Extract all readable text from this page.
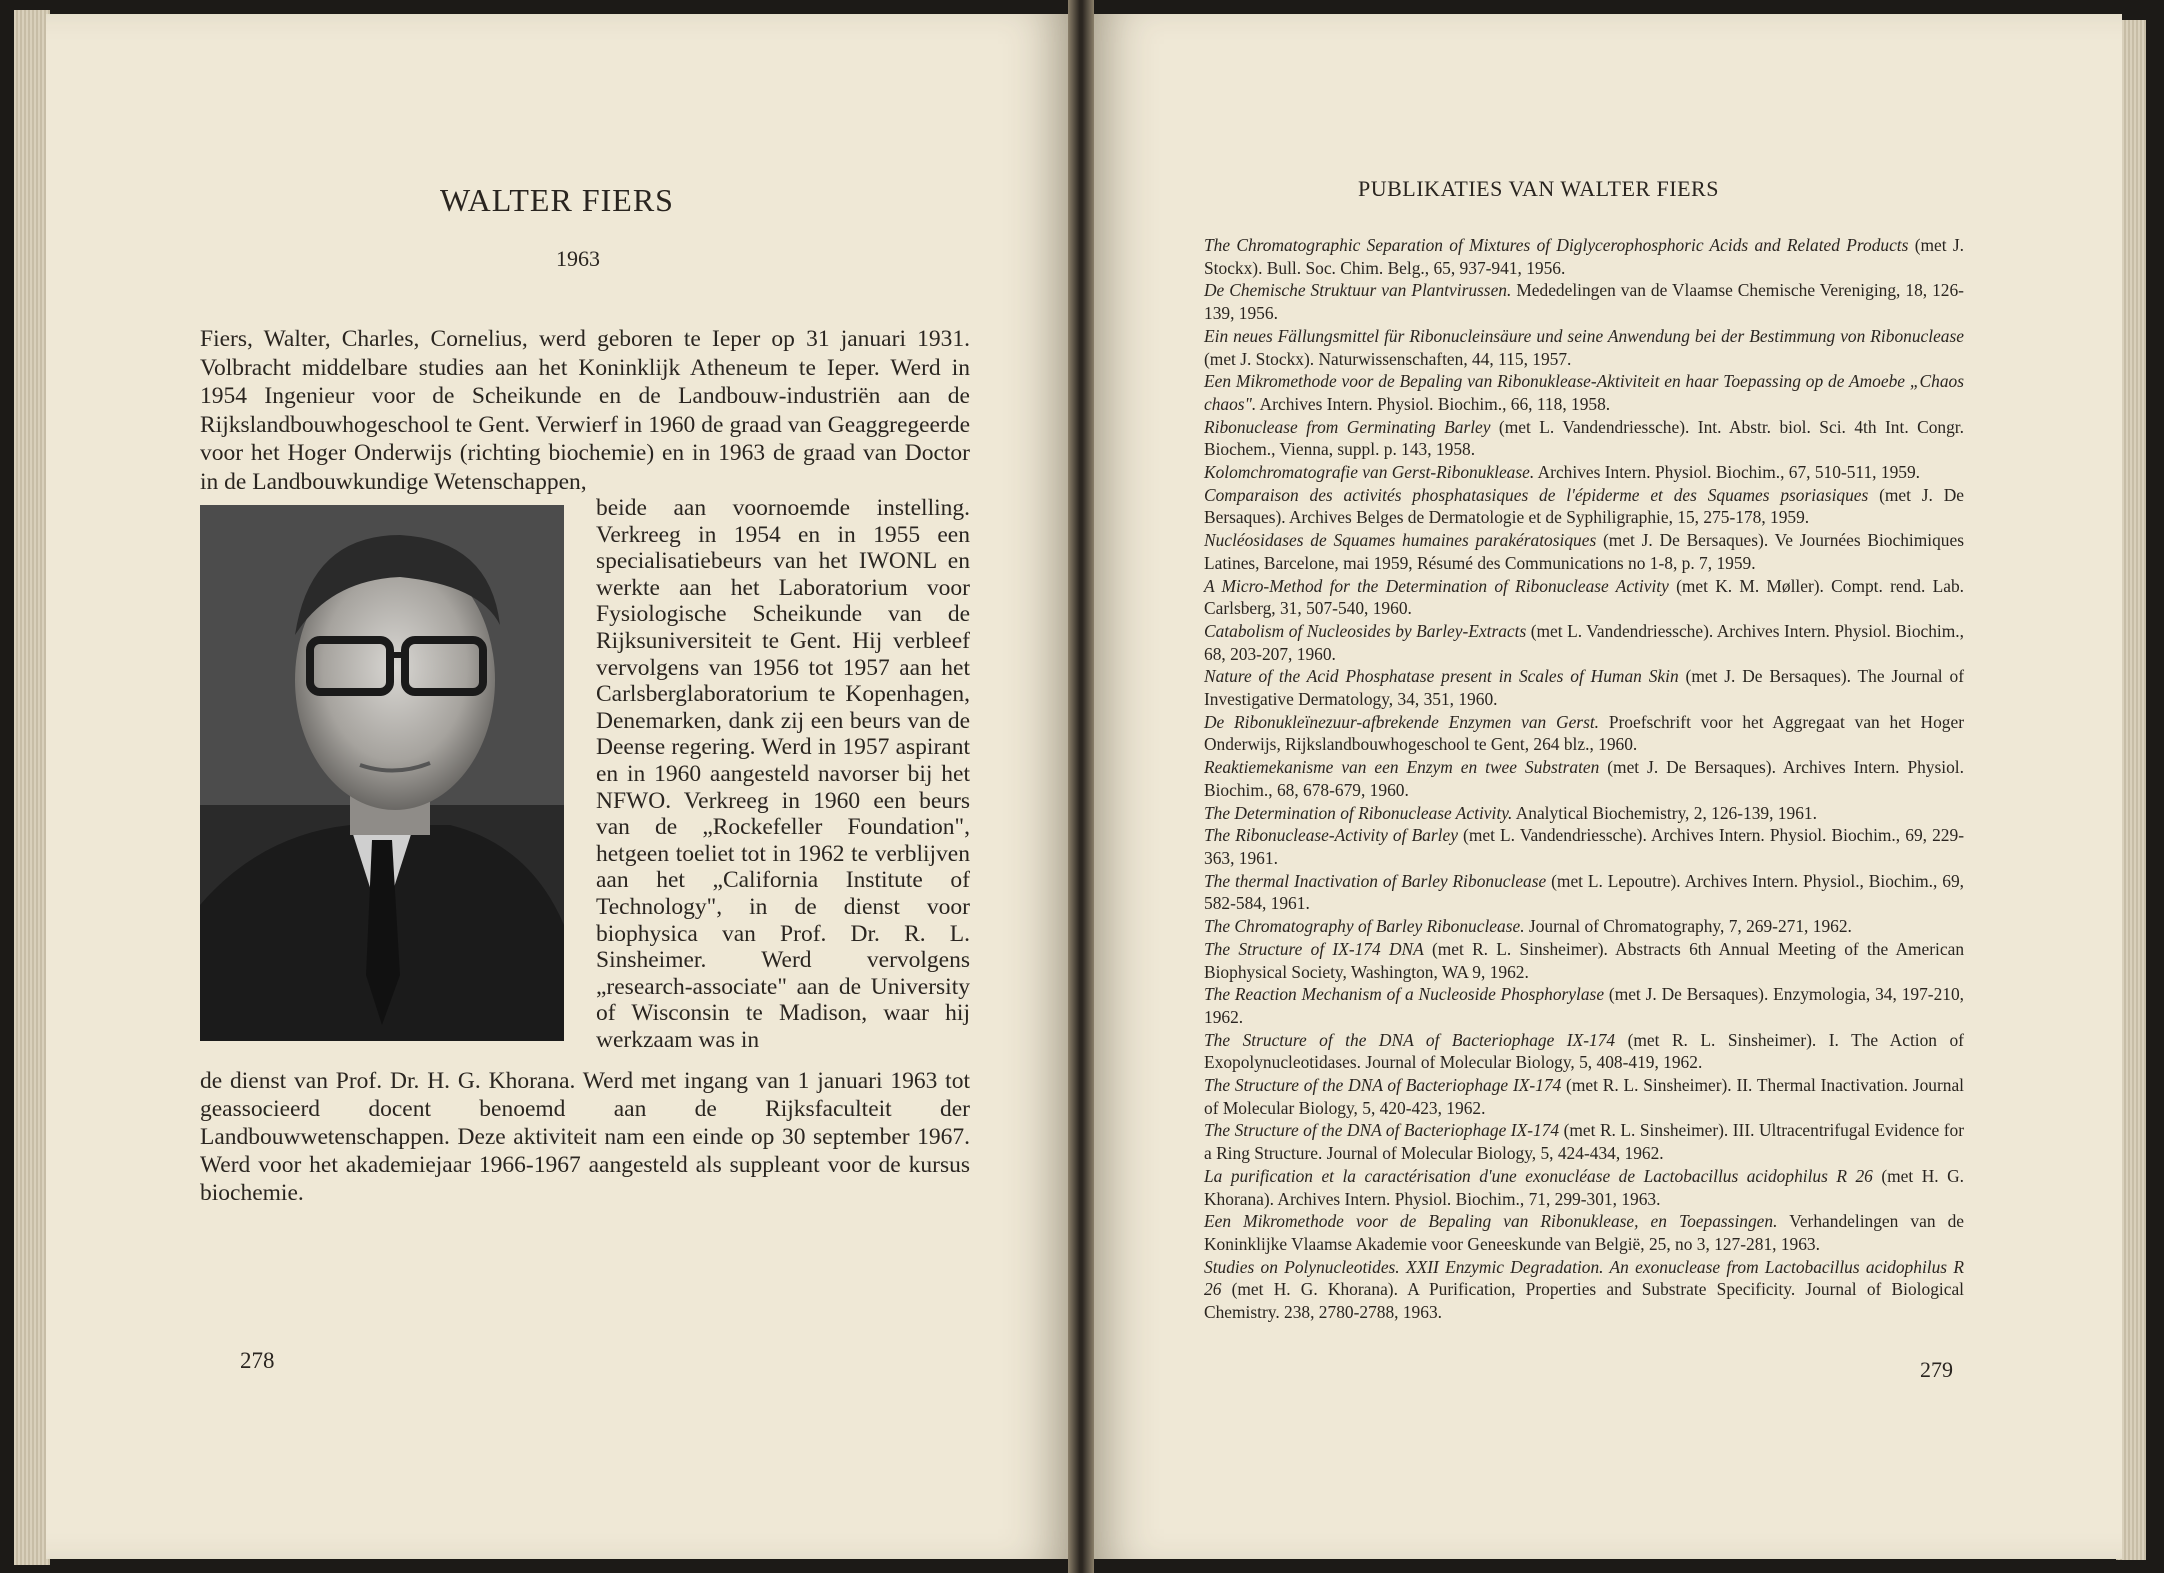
WALTER FIERS
1963
Fiers, Walter, Charles, Cornelius, werd geboren te Ieper op 31 januari 1931. Volbracht middelbare studies aan het Koninklijk Atheneum te Ieper. Werd in 1954 Ingenieur voor de Scheikunde en de Landbouw-industriën aan de Rijkslandbouwhogeschool te Gent. Verwierf in 1960 de graad van Geaggregeerde voor het Hoger Onderwijs (richting biochemie) en in 1963 de graad van Doctor in de Landbouwkundige Wetenschappen,
beide aan voornoemde instelling. Verkreeg in 1954 en in 1955 een specialisatiebeurs van het IWONL en werkte aan het Laboratorium voor Fysiologische Scheikunde van de Rijksuniversiteit te Gent. Hij verbleef vervolgens van 1956 tot 1957 aan het Carlsberglaboratorium te Kopenhagen, Denemarken, dank zij een beurs van de Deense regering. Werd in 1957 aspirant en in 1960 aangesteld navorser bij het NFWO. Verkreeg in 1960 een beurs van de „Rockefeller Foundation", hetgeen toeliet tot in 1962 te verblijven aan het „California Institute of Technology", in de dienst voor biophysica van Prof. Dr. R. L. Sinsheimer. Werd vervolgens „research-associate" aan de University of Wisconsin te Madison, waar hij werkzaam was in
de dienst van Prof. Dr. H. G. Khorana. Werd met ingang van 1 januari 1963 tot geassocieerd docent benoemd aan de Rijksfaculteit der Landbouwwetenschappen. Deze aktiviteit nam een einde op 30 september 1967. Werd voor het akademiejaar 1966-1967 aangesteld als suppleant voor de kursus biochemie.
278
PUBLIKATIES VAN WALTER FIERS

The Chromatographic Separation of Mixtures of Diglycerophosphoric Acids and Related Products (met J. Stockx). Bull. Soc. Chim. Belg., 65, 937-941, 1956.

De Chemische Struktuur van Plantvirussen. Mededelingen van de Vlaamse Chemische Vereniging, 18, 126-139, 1956.

Ein neues Fällungsmittel für Ribonucleinsäure und seine Anwendung bei der Bestimmung von Ribonuclease (met J. Stockx). Naturwissenschaften, 44, 115, 1957.

Een Mikromethode voor de Bepaling van Ribonuklease-Aktiviteit en haar Toepassing op de Amoebe „Chaos chaos". Archives Intern. Physiol. Biochim., 66, 118, 1958.

Ribonuclease from Germinating Barley (met L. Vandendriessche). Int. Abstr. biol. Sci. 4th Int. Congr. Biochem., Vienna, suppl. p. 143, 1958.

Kolomchromatografie van Gerst-Ribonuklease. Archives Intern. Physiol. Biochim., 67, 510-511, 1959.

Comparaison des activités phosphatasiques de l'épiderme et des Squames psoriasiques (met J. De Bersaques). Archives Belges de Dermatologie et de Syphiligraphie, 15, 275-178, 1959.

Nucléosidases de Squames humaines parakératosiques (met J. De Bersaques). Ve Journées Biochimiques Latines, Barcelone, mai 1959, Résumé des Communications no 1-8, p. 7, 1959.

A Micro-Method for the Determination of Ribonuclease Activity (met K. M. Møller). Compt. rend. Lab. Carlsberg, 31, 507-540, 1960.

Catabolism of Nucleosides by Barley-Extracts (met L. Vandendriessche). Archives Intern. Physiol. Biochim., 68, 203-207, 1960.

Nature of the Acid Phosphatase present in Scales of Human Skin (met J. De Bersaques). The Journal of Investigative Dermatology, 34, 351, 1960.

De Ribonukleïnezuur-afbrekende Enzymen van Gerst. Proefschrift voor het Aggregaat van het Hoger Onderwijs, Rijkslandbouwhogeschool te Gent, 264 blz., 1960.

Reaktiemekanisme van een Enzym en twee Substraten (met J. De Bersaques). Archives Intern. Physiol. Biochim., 68, 678-679, 1960.

The Determination of Ribonuclease Activity. Analytical Biochemistry, 2, 126-139, 1961.

The Ribonuclease-Activity of Barley (met L. Vandendriessche). Archives Intern. Physiol. Biochim., 69, 229-363, 1961.

The thermal Inactivation of Barley Ribonuclease (met L. Lepoutre). Archives Intern. Physiol., Biochim., 69, 582-584, 1961.

The Chromatography of Barley Ribonuclease. Journal of Chromatography, 7, 269-271, 1962.

The Structure of IX-174 DNA (met R. L. Sinsheimer). Abstracts 6th Annual Meeting of the American Biophysical Society, Washington, WA 9, 1962.

The Reaction Mechanism of a Nucleoside Phosphorylase (met J. De Bersaques). Enzymologia, 34, 197-210, 1962.

The Structure of the DNA of Bacteriophage IX-174 (met R. L. Sinsheimer). I. The Action of Exopolynucleotidases. Journal of Molecular Biology, 5, 408-419, 1962.

The Structure of the DNA of Bacteriophage IX-174 (met R. L. Sinsheimer). II. Thermal Inactivation. Journal of Molecular Biology, 5, 420-423, 1962.

The Structure of the DNA of Bacteriophage IX-174 (met R. L. Sinsheimer). III. Ultracentrifugal Evidence for a Ring Structure. Journal of Molecular Biology, 5, 424-434, 1962.

La purification et la caractérisation d'une exonucléase de Lactobacillus acidophilus R 26 (met H. G. Khorana). Archives Intern. Physiol. Biochim., 71, 299-301, 1963.

Een Mikromethode voor de Bepaling van Ribonuklease, en Toepassingen. Verhandelingen van de Koninklijke Vlaamse Akademie voor Geneeskunde van België, 25, no 3, 127-281, 1963.

Studies on Polynucleotides. XXII Enzymic Degradation. An exonuclease from Lactobacillus acidophilus R 26 (met H. G. Khorana). A Purification, Properties and Substrate Specificity. Journal of Biological Chemistry. 238, 2780-2788, 1963.

279
